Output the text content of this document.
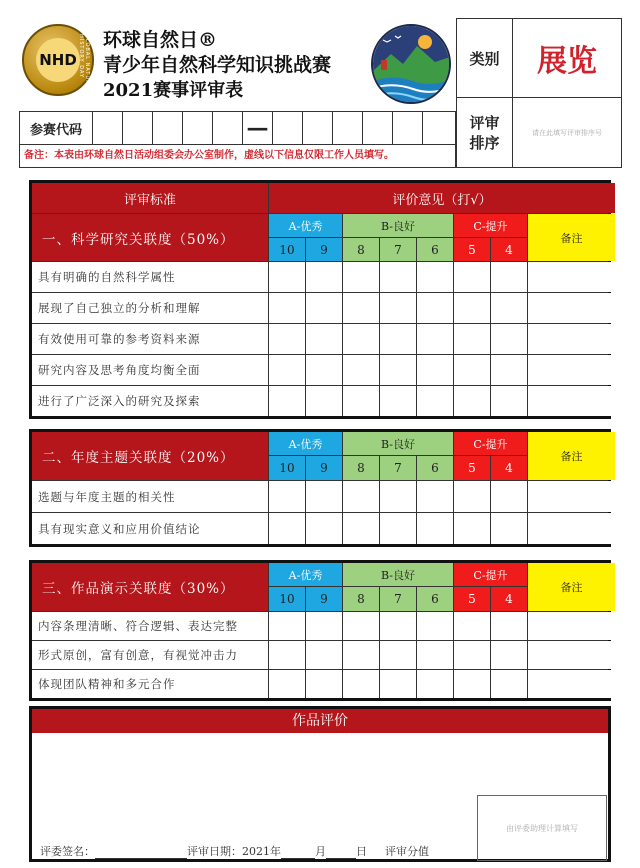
NHD	GLOBAL NATURAL HISTORY DAY	环球自然日®
青少年自然科学知识挑战赛
2021赛事评审表
类别	展览
评审
排序
请在此填写评审排序号
参赛代码	—
备注：本表由环球自然日活动组委会办公室制作，虚线以下信息仅限工作人员填写。
评审标准	评价意见（打√）
一、科学研究关联度（50%）
A-优秀	B-良好	C-提升
备注
10	9	8	7	6	5	4
具有明确的自然科学属性
展现了自己独立的分析和理解
有效使用可靠的参考资料来源
研究内容及思考角度均衡全面
进行了广泛深入的研究及探索
二、年度主题关联度（20%）
A-优秀	B-良好	C-提升
备注
10	9	8	7	6	5	4
选题与年度主题的相关性
具有现实意义和应用价值结论
三、作品演示关联度（30%）
A-优秀	B-良好	C-提升
备注
10	9	8	7	6	5	4
内容条理清晰、符合逻辑、表达完整
形式原创，富有创意，有视觉冲击力
体现团队精神和多元合作
作品评价
评委签名：	评审日期：2021年	月	日 评审分值
由评委助理计算填写
